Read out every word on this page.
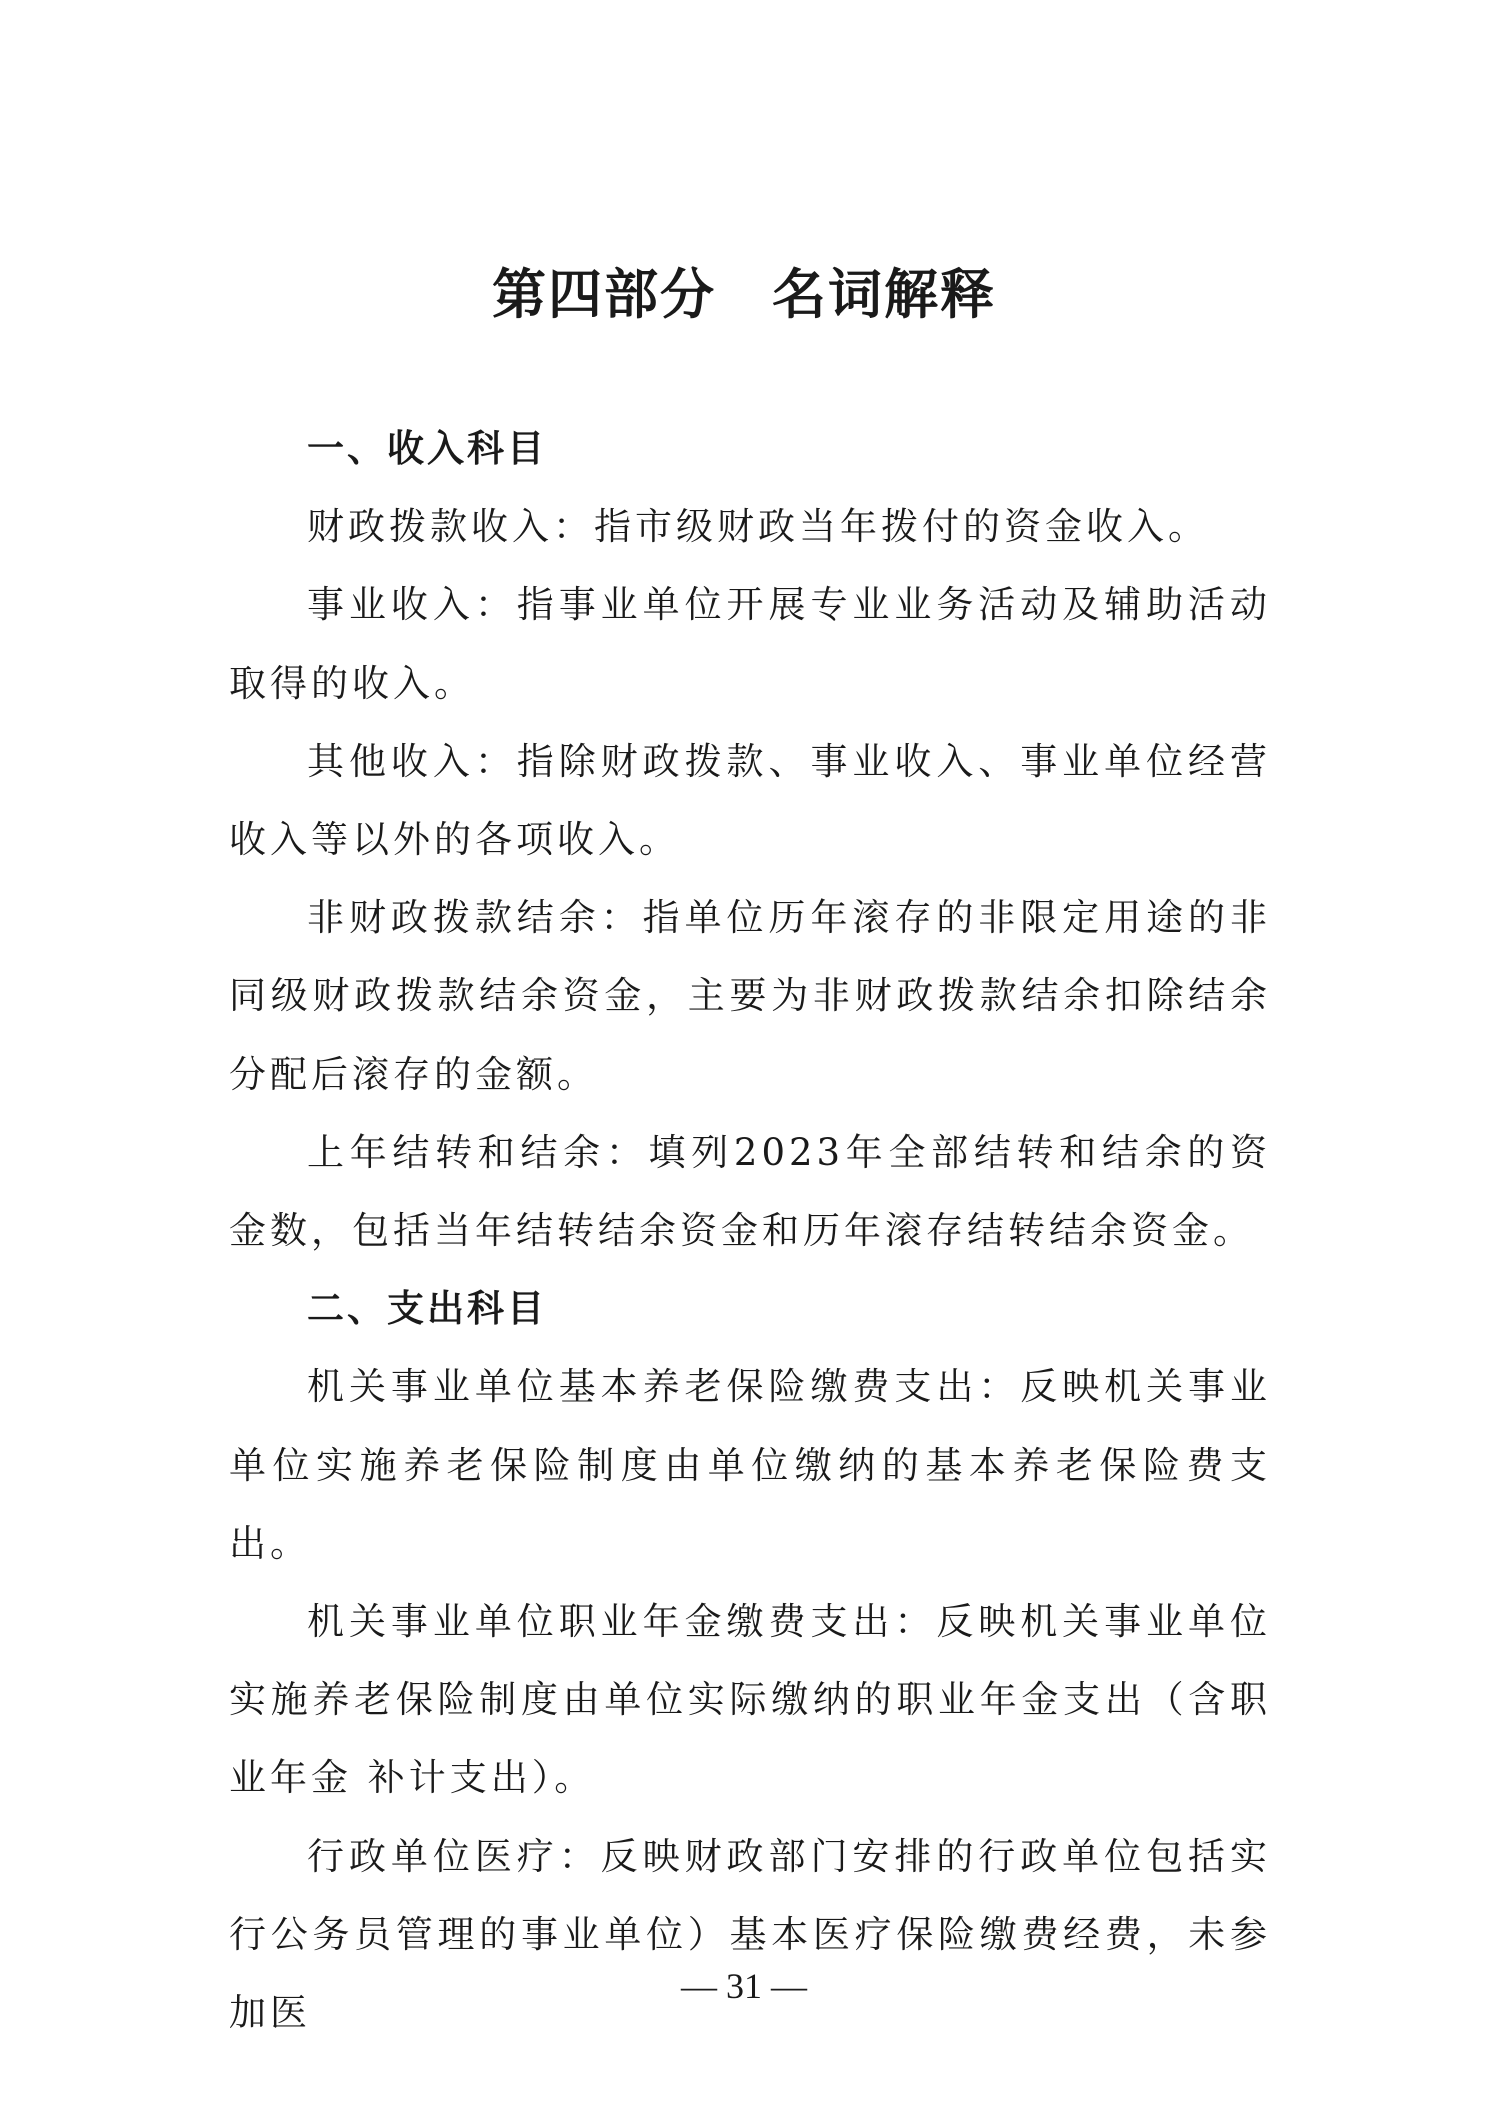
第四部分　名词解释

一、收入科目

财政拨款收入：指市级财政当年拨付的资金收入。

事业收入：指事业单位开展专业业务活动及辅助活动取得的收入。

其他收入：指除财政拨款、事业收入、事业单位经营收入等以外的各项收入。

非财政拨款结余：指单位历年滚存的非限定用途的非同级财政拨款结余资金，主要为非财政拨款结余扣除结余分配后滚存的金额。

上年结转和结余：填列2023年全部结转和结余的资金数，包括当年结转结余资金和历年滚存结转结余资金。

二、支出科目

机关事业单位基本养老保险缴费支出：反映机关事业单位实施养老保险制度由单位缴纳的基本养老保险费支出。

机关事业单位职业年金缴费支出：反映机关事业单位实施养老保险制度由单位实际缴纳的职业年金支出（含职业年金 补计支出）。

行政单位医疗：反映财政部门安排的行政单位包括实行公务员管理的事业单位）基本医疗保险缴费经费，未参加医

— 31 —
